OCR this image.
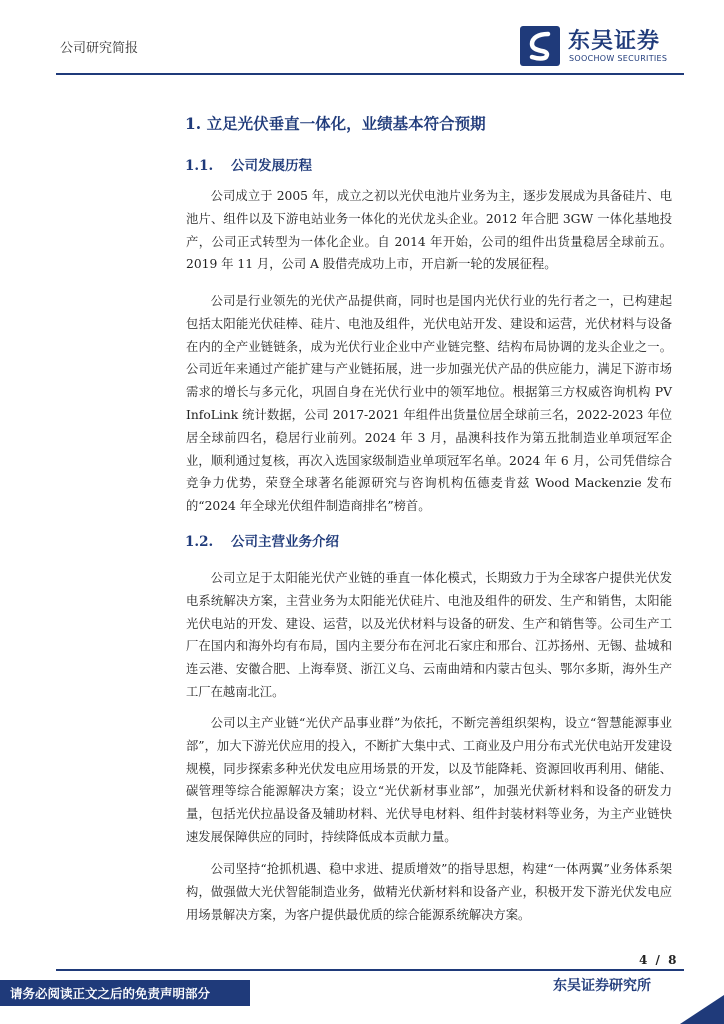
公司研究简报	东吴证券
SOOCHOW SECURITIES
1. 立足光伏垂直一体化，业绩基本符合预期
1.1. 公司发展历程
公司成立于 2005 年，成立之初以光伏电池片业务为主，逐步发展成为具备硅片、电池片、组件以及下游电站业务一体化的光伏龙头企业。2012 年合肥 3GW 一体化基地投产，公司正式转型为一体化企业。自 2014 年开始，公司的组件出货量稳居全球前五。2019 年 11 月，公司 A 股借壳成功上市，开启新一轮的发展征程。
公司是行业领先的光伏产品提供商，同时也是国内光伏行业的先行者之一，已构建起包括太阳能光伏硅棒、硅片、电池及组件，光伏电站开发、建设和运营，光伏材料与设备在内的全产业链链条，成为光伏行业企业中产业链完整、结构布局协调的龙头企业之一。公司近年来通过产能扩建与产业链拓展，进一步加强光伏产品的供应能力，满足下游市场需求的增长与多元化，巩固自身在光伏行业中的领军地位。根据第三方权威咨询机构 PV InfoLink 统计数据，公司 2017-2021 年组件出货量位居全球前三名，2022-2023 年位居全球前四名，稳居行业前列。2024 年 3 月，晶澳科技作为第五批制造业单项冠军企业，顺利通过复核，再次入选国家级制造业单项冠军名单。2024 年 6 月，公司凭借综合竞争力优势，荣登全球著名能源研究与咨询机构伍德麦肯兹 Wood Mackenzie 发布的“2024 年全球光伏组件制造商排名”榜首。
1.2. 公司主营业务介绍
公司立足于太阳能光伏产业链的垂直一体化模式，长期致力于为全球客户提供光伏发电系统解决方案，主营业务为太阳能光伏硅片、电池及组件的研发、生产和销售，太阳能光伏电站的开发、建设、运营，以及光伏材料与设备的研发、生产和销售等。公司生产工厂在国内和海外均有布局，国内主要分布在河北石家庄和邢台、江苏扬州、无锡、盐城和连云港、安徽合肥、上海奉贤、浙江义乌、云南曲靖和内蒙古包头、鄂尔多斯，海外生产工厂在越南北江。
公司以主产业链“光伏产品事业群”为依托，不断完善组织架构，设立“智慧能源事业部”，加大下游光伏应用的投入，不断扩大集中式、工商业及户用分布式光伏电站开发建设规模，同步探索多种光伏发电应用场景的开发，以及节能降耗、资源回收再利用、储能、碳管理等综合能源解决方案；设立“光伏新材事业部”，加强光伏新材料和设备的研发力量，包括光伏拉晶设备及辅助材料、光伏导电材料、组件封装材料等业务，为主产业链快速发展保障供应的同时，持续降低成本贡献力量。
公司坚持“抢抓机遇、稳中求进、提质增效”的指导思想，构建“一体两翼”业务体系架构，做强做大光伏智能制造业务，做精光伏新材料和设备产业，积极开发下游光伏发电应用场景解决方案，为客户提供最优质的综合能源系统解决方案。
4 / 8
请务必阅读正文之后的免责声明部分	东吴证券研究所
